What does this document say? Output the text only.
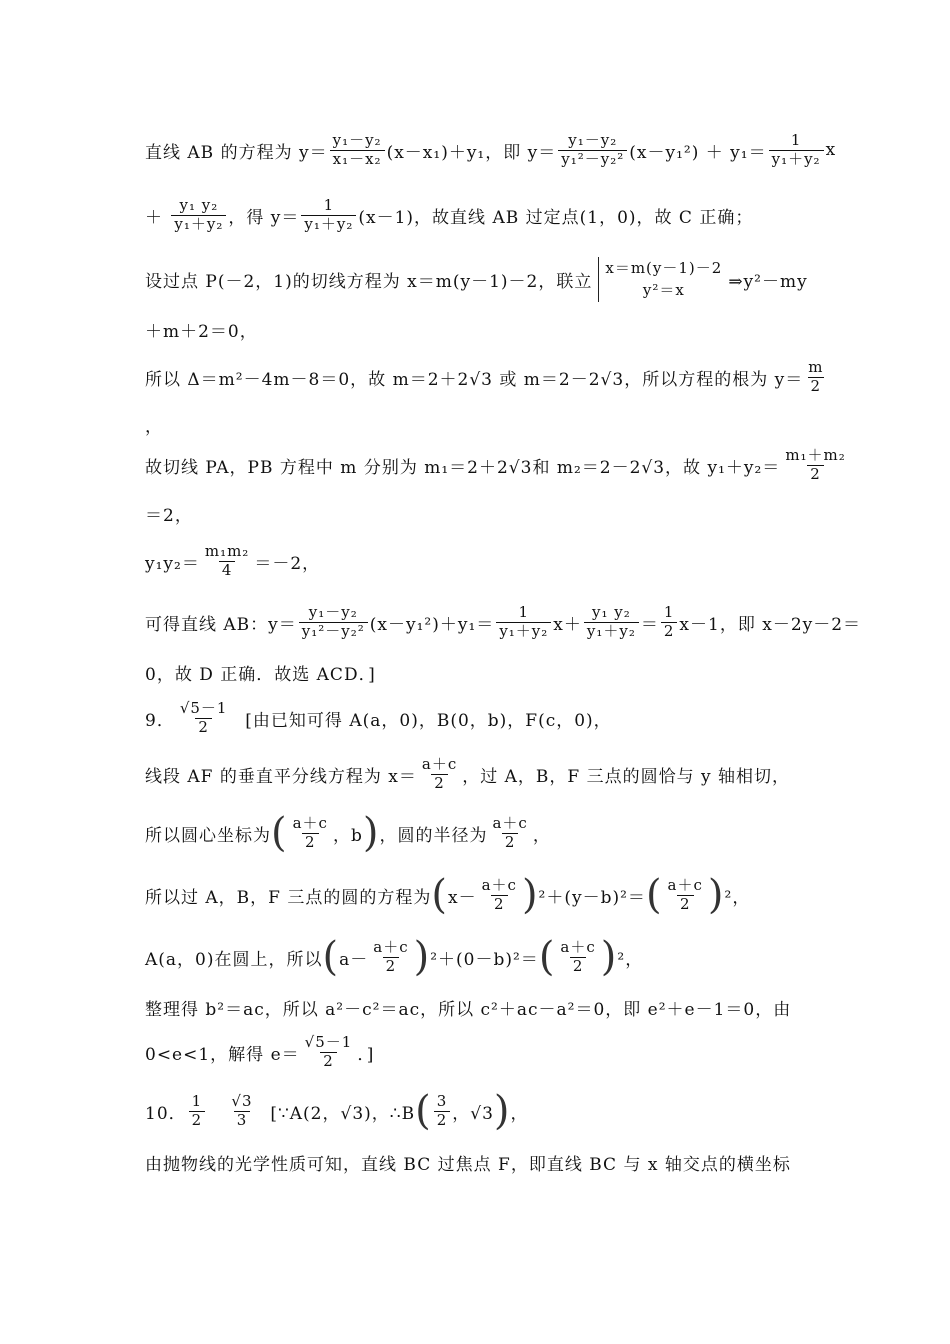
直线 AB 的方程为 $y= \frac{\text{y₁－y₂}}{\text{x₁－x₂}} (x-x_1)+y_1$，即 $y= \frac{\text{y₁－y₂}}{\text{y₁²－y₂²}} (x-y_1^2) + y_1= \frac{1}{\text{y₁＋y₂}}$ x
＋ $\frac{\text{y₁ y₂}}{\text{y₁＋y₂}}$ ，得 $y= \frac{1}{\text{y₁＋y₂}} (x-1)$，故直线 AB 过定点(1，0)，故 C 正确；
设过点 P(－2，1)的切线方程为 x＝m(y－1)－2，联立
x＝m(y－1)－2
y²＝x	⇒y²－my
＋m＋2＝0，
所以 Δ＝m²－4m－8＝0，故 m＝2＋2√3 或 m＝2－2√3，所以方程的根为 $y= \frac{m}{2}$
，
故切线 PA，PB 方程中 m 分别为 m₁＝2＋2√3和 m₂＝2－2√3，故 $y_1+y_2= \frac{\text{m₁＋m₂}}{2}$
＝2，
$y_1y_2= \frac{\text{m₁m₂}}{4} =-2$，
可得直线 AB：$y= \frac{\text{y₁－y₂}}{\text{y₁²－y₂²}} (x-y_1^2)+y_1= \frac{1}{\text{y₁＋y₂}} x+ \frac{\text{y₁ y₂}}{\text{y₁＋y₂}} = \frac{1}{2} x-1$，即 x－2y－2＝
0，故 D 正确．故选 ACD．]
9． $\frac{√5-1}{2}$ [由已知可得 A(a，0)，B(0，b)，F(c，0)，
线段 AF 的垂直平分线方程为 $x= \frac{a+c}{2}$ ，过 A，B，F 三点的圆恰与 y 轴相切，
所以圆心坐标为 ( $\frac{a+c}{2}$ ，b ) ，圆的半径为 $\frac{a+c}{2}$ ，
所以过 A，B，F 三点的圆的方程为 ( $x- \frac{a+c}{2}$ ) ²＋(y－b)²＝ ( $\frac{a+c}{2}$ ) ²，
A(a，0)在圆上，所以 ( $a- \frac{a+c}{2}$ ) ²＋(0－b)²＝ ( $\frac{a+c}{2}$ ) ²，
整理得 b²＝ac，所以 a²－c²＝ac，所以 c²＋ac－a²＝0，即 e²＋e－1＝0，由
0<e<1，解得 $e= \frac{√5-1}{2}$ ．]
10． $\frac{1}{2}$
$\frac{√3}{3}$ [∵A(2，√3)，∴B ( $\frac{3}{2}$ ，√3 ) ，
由抛物线的光学性质可知，直线 BC 过焦点 F，即直线 BC 与 x 轴交点的横坐标
